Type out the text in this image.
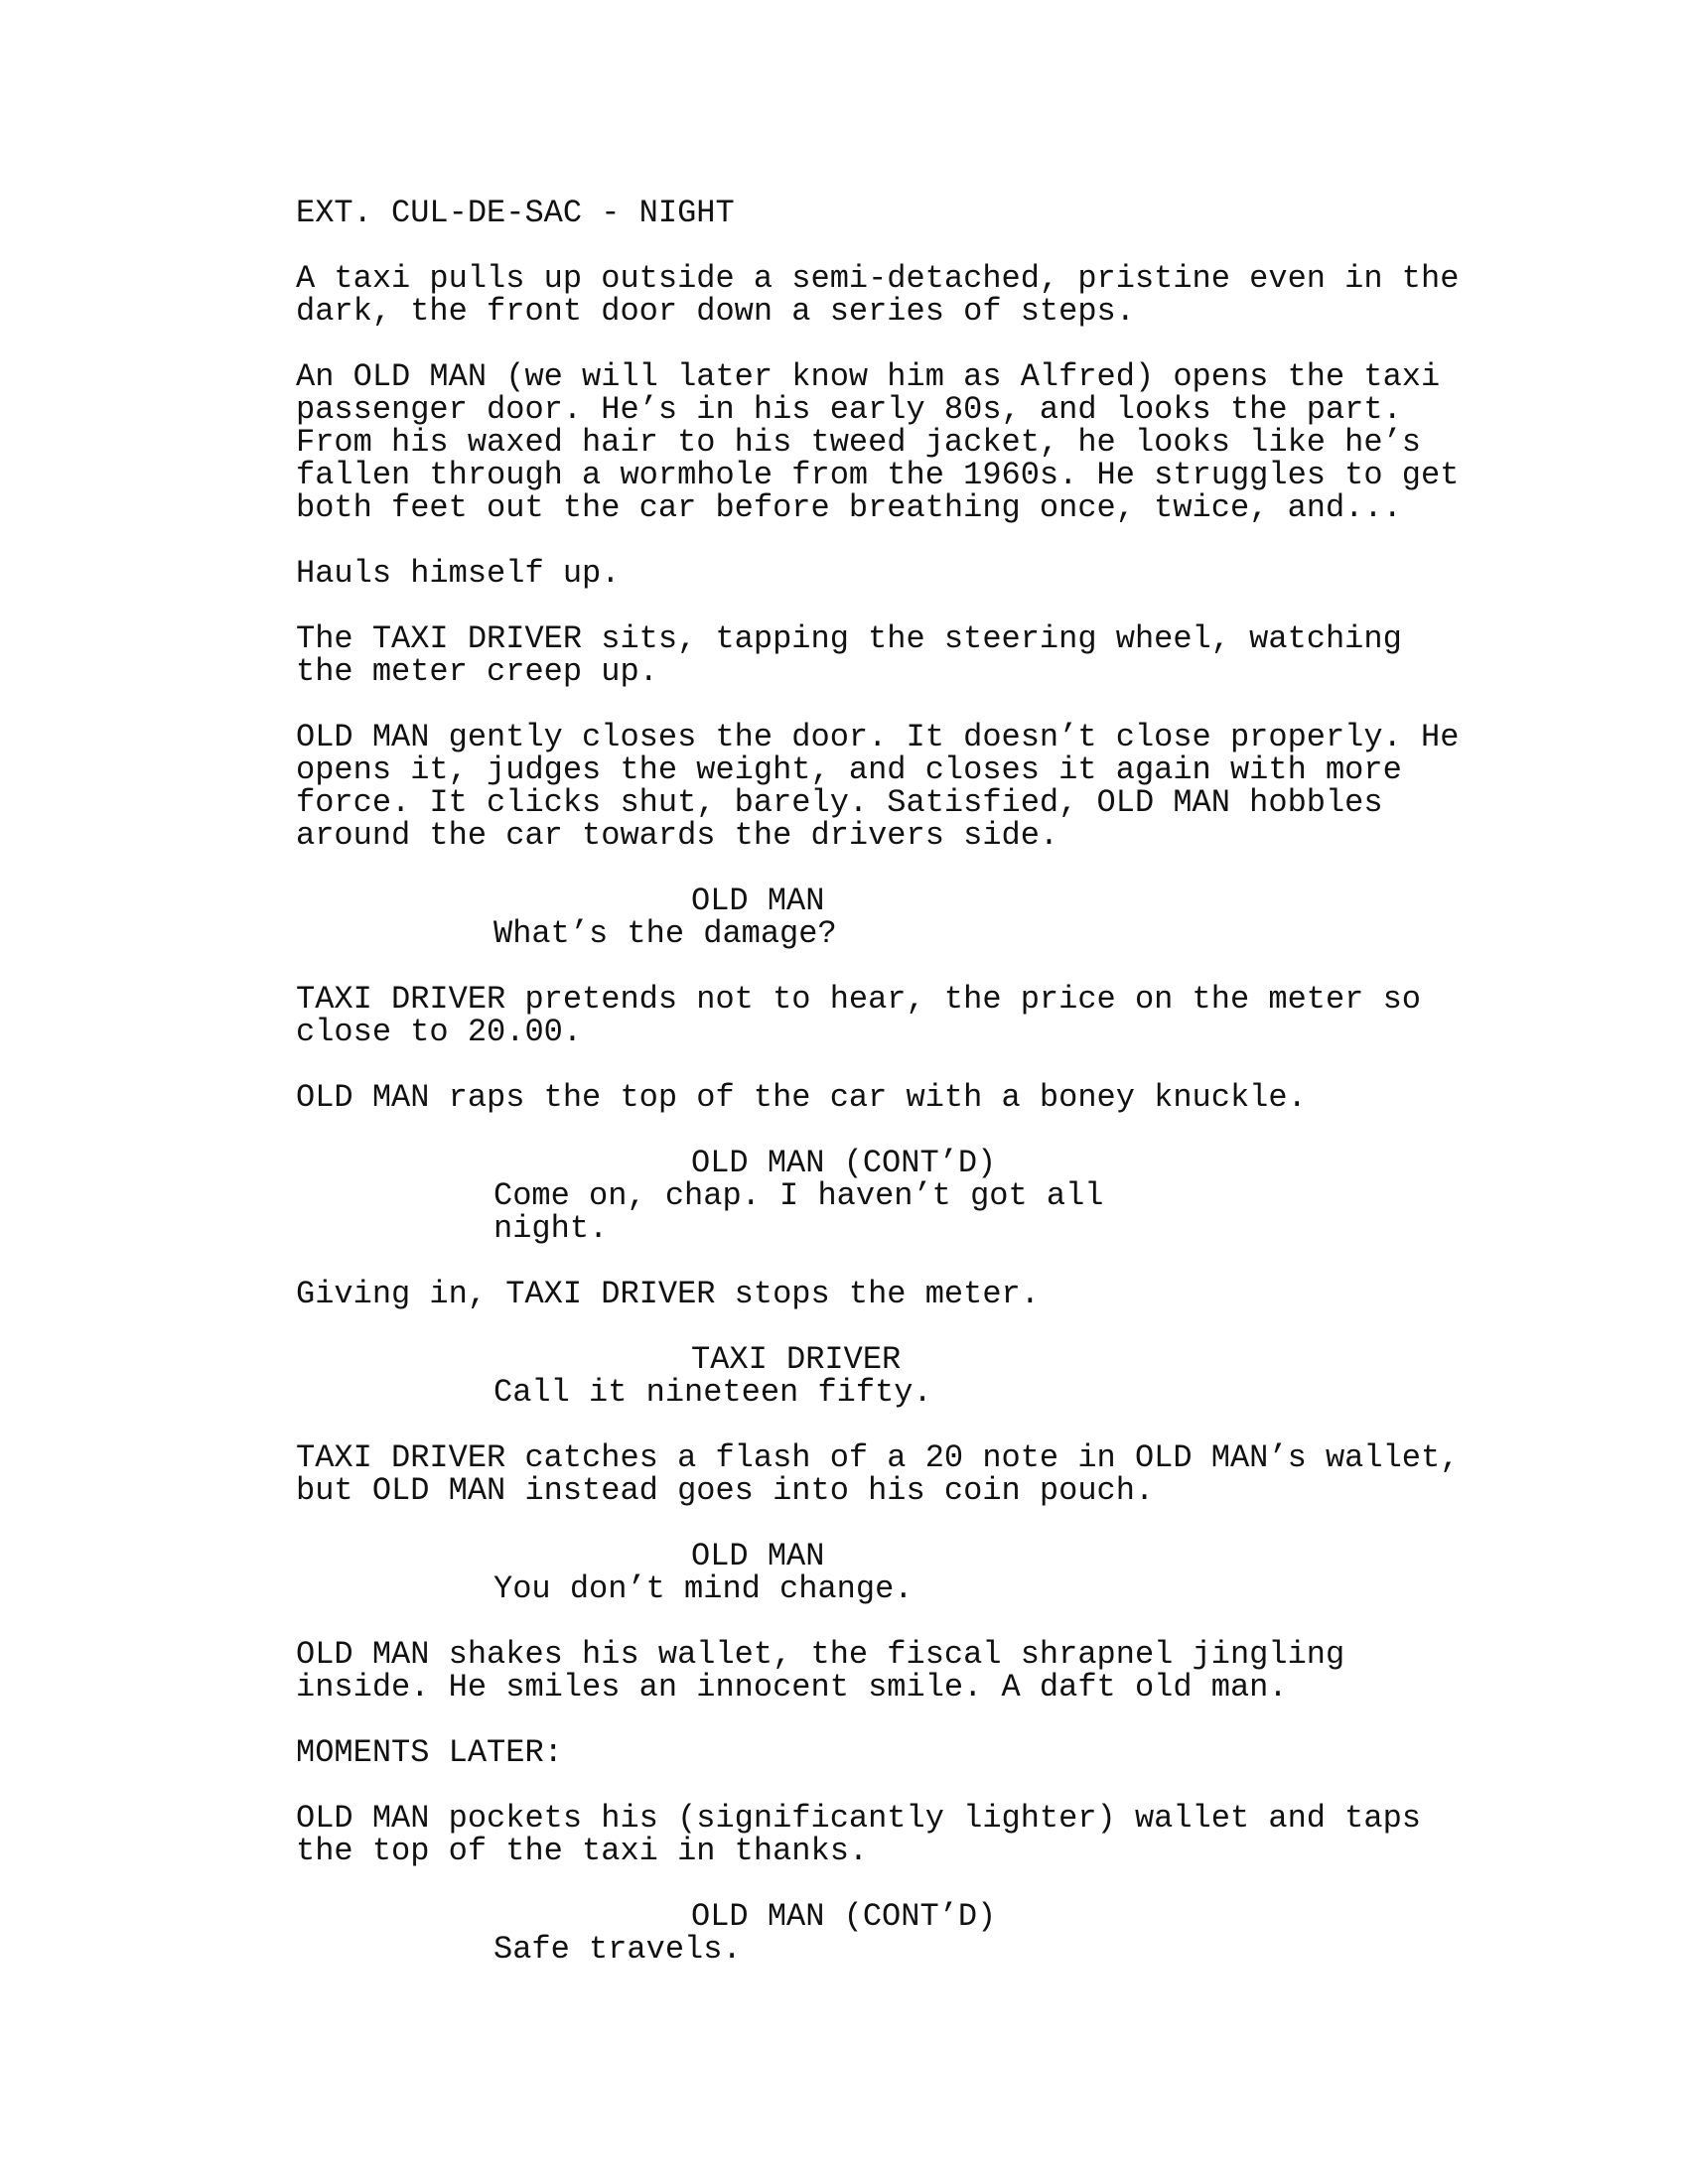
EXT. CUL-DE-SAC - NIGHT
A taxi pulls up outside a semi-detached, pristine even in the
dark, the front door down a series of steps.
An OLD MAN (we will later know him as Alfred) opens the taxi
passenger door. He’s in his early 80s, and looks the part.
From his waxed hair to his tweed jacket, he looks like he’s
fallen through a wormhole from the 1960s. He struggles to get
both feet out the car before breathing once, twice, and...
Hauls himself up.
The TAXI DRIVER sits, tapping the steering wheel, watching
the meter creep up.
OLD MAN gently closes the door. It doesn’t close properly. He
opens it, judges the weight, and closes it again with more
force. It clicks shut, barely. Satisfied, OLD MAN hobbles
around the car towards the drivers side.
OLD MAN
What’s the damage?
TAXI DRIVER pretends not to hear, the price on the meter so
close to 20.00.
OLD MAN raps the top of the car with a boney knuckle.
OLD MAN (CONT’D)
Come on, chap. I haven’t got all
night.
Giving in, TAXI DRIVER stops the meter.
TAXI DRIVER
Call it nineteen fifty.
TAXI DRIVER catches a flash of a 20 note in OLD MAN’s wallet,
but OLD MAN instead goes into his coin pouch.
OLD MAN
You don’t mind change.
OLD MAN shakes his wallet, the fiscal shrapnel jingling
inside. He smiles an innocent smile. A daft old man.
MOMENTS LATER:
OLD MAN pockets his (significantly lighter) wallet and taps
the top of the taxi in thanks.
OLD MAN (CONT’D)
Safe travels.
